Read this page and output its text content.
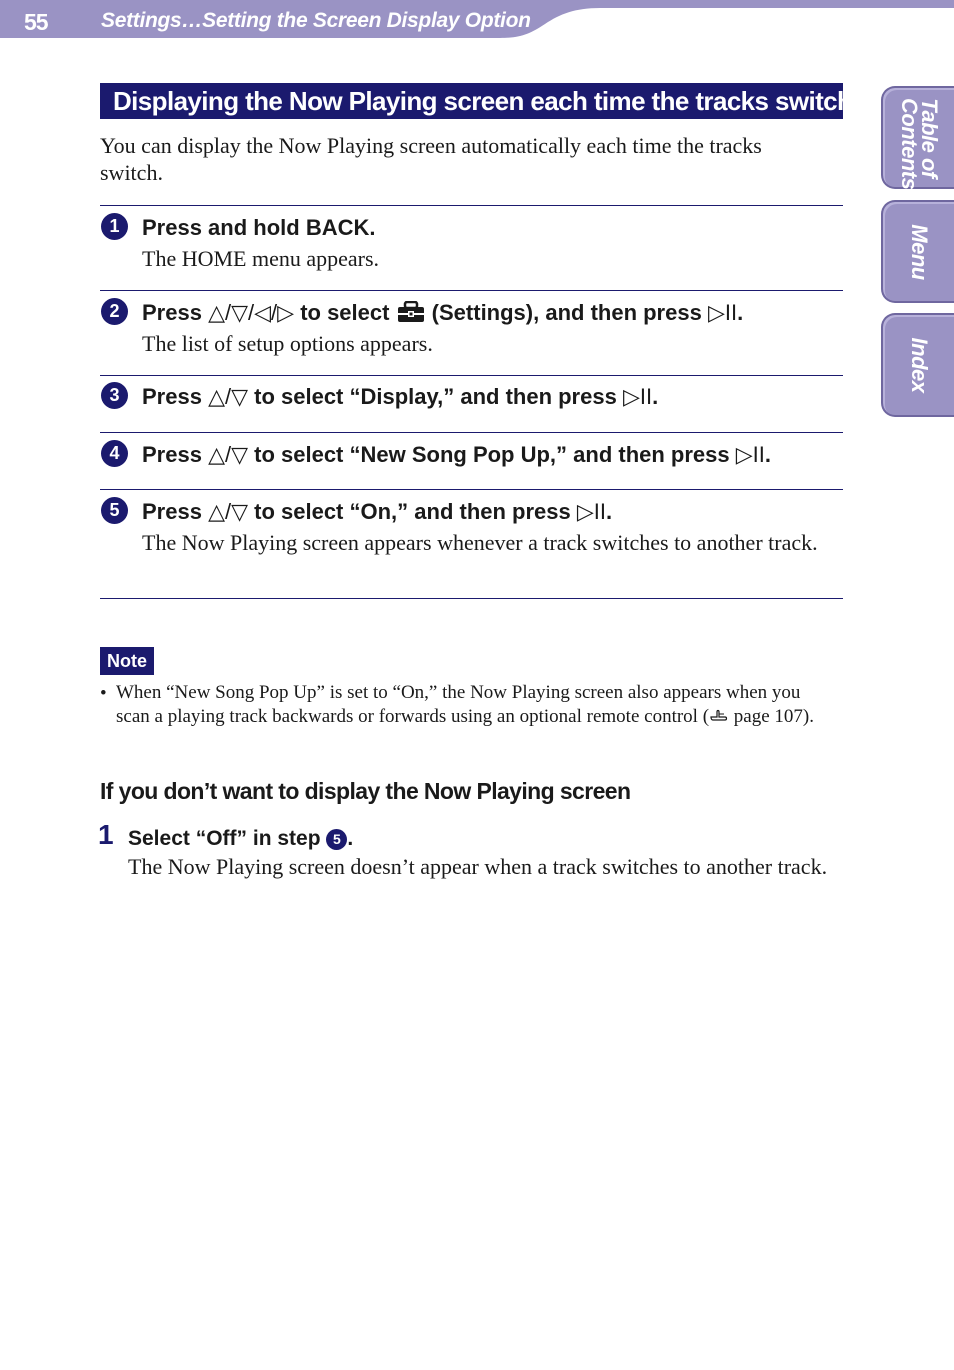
55	Settings…Setting the Screen Display Option
Table of Contents
Menu
Index
Displaying the Now Playing screen each time the tracks switch
You can display the Now Playing screen automatically each time the tracks switch.
1	Press and hold BACK.
The HOME menu appears.
2	Press △/▽/◁/▷ to select  (Settings), and then press ▷II.
The list of setup options appears.
3	Press △/▽ to select “Display,” and then press ▷II.
4	Press △/▽ to select “New Song Pop Up,” and then press ▷II.
5	Press △/▽ to select “On,” and then press ▷II.
The Now Playing screen appears whenever a track switches to another track.
Note
• When “New Song Pop Up” is set to “On,” the Now Playing screen also appears when you scan a playing track backwards or forwards using an optional remote control ( page 107).
If you don’t want to display the Now Playing screen
1 Select “Off” in step 5 .
The Now Playing screen doesn’t appear when a track switches to another track.
